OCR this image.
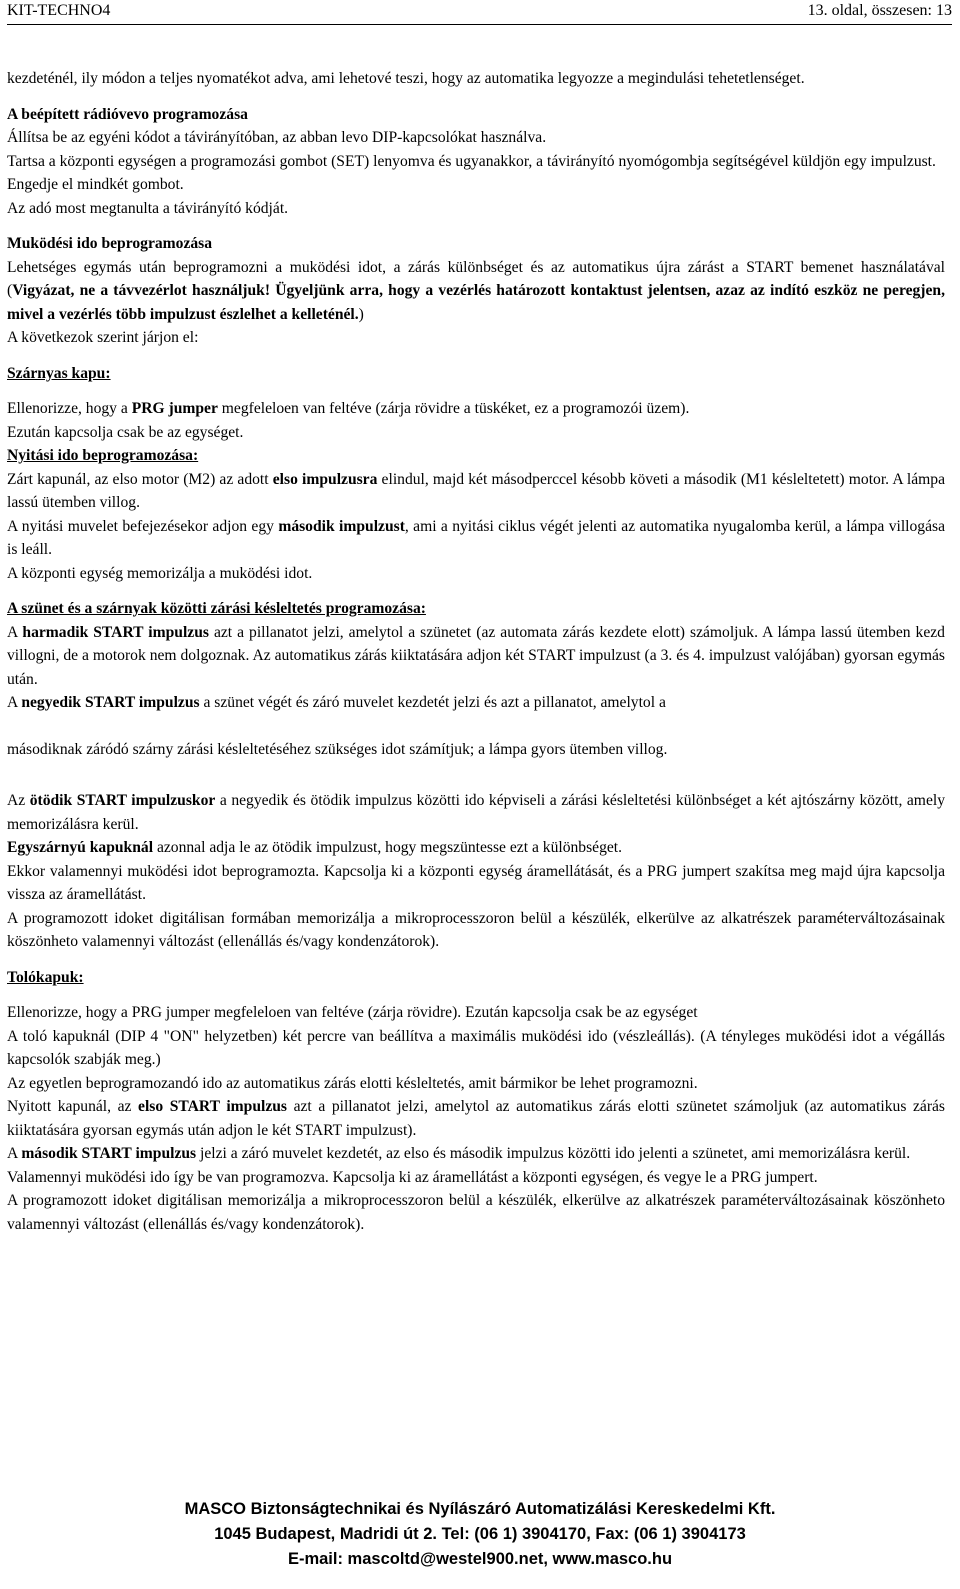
KIT-TECHNO4	13. oldal, összesen: 13

kezdeténél, ily módon a teljes nyomatékot adva, ami lehetové teszi, hogy az automatika legyozze a megindulási tehetetlenséget.

A beépített rádióvevo programozása

Állítsa be az egyéni kódot a távirányítóban, az abban levo DIP-kapcsolókat használva.

Tartsa a központi egységen a programozási gombot (SET) lenyomva és ugyanakkor, a távirányító nyomógombja segítségével küldjön egy impulzust.

Engedje el mindkét gombot.

Az adó most megtanulta a távirányító kódját.

Muködési ido beprogramozása

Lehetséges egymás után beprogramozni a muködési idot, a zárás különbséget és az automatikus újra zárást a START bemenet használatával (Vigyázat, ne a távvezérlot használjuk! Ügyeljünk arra, hogy a vezérlés határozott kontaktust jelentsen, azaz az indító eszköz ne peregjen, mivel a vezérlés több impulzust észlelhet a kelleténél.)

A következok szerint járjon el:

Szárnyas kapu:

Ellenorizze, hogy a PRG jumper megfeleloen van feltéve (zárja rövidre a tüskéket, ez a programozói üzem).

Ezután kapcsolja csak be az egységet.

Nyitási ido beprogramozása:

Zárt kapunál, az elso motor (M2) az adott elso impulzusra elindul, majd két másodperccel késobb követi a második (M1 késleltetett) motor. A lámpa lassú ütemben villog.

A nyitási muvelet befejezésekor adjon egy második impulzust, ami a nyitási ciklus végét jelenti az automatika nyugalomba kerül, a lámpa villogása is leáll.

A központi egység memorizálja a muködési idot.

A szünet és a szárnyak közötti zárási késleltetés programozása:

A harmadik START impulzus azt a pillanatot jelzi, amelytol a szünetet (az automata zárás kezdete elott) számoljuk. A lámpa lassú ütemben kezd villogni, de a motorok nem dolgoznak. Az automatikus zárás kiiktatására adjon két START impulzust (a 3. és 4. impulzust valójában) gyorsan egymás után.

A negyedik START impulzus a szünet végét és záró muvelet kezdetét jelzi és azt a pillanatot, amelytol a

másodiknak záródó szárny zárási késleltetéséhez szükséges idot számítjuk; a lámpa gyors ütemben villog.

Az ötödik START impulzuskor a negyedik és ötödik impulzus közötti ido képviseli a zárási késleltetési különbséget a két ajtószárny között, amely memorizálásra kerül.

Egyszárnyú kapuknál azonnal adja le az ötödik impulzust, hogy megszüntesse ezt a különbséget.

Ekkor valamennyi muködési idot beprogramozta. Kapcsolja ki a központi egység áramellátását, és a PRG jumpert szakítsa meg majd újra kapcsolja vissza az áramellátást.

A programozott idoket digitálisan formában memorizálja a mikroprocesszoron belül a készülék, elkerülve az alkatrészek paraméterváltozásainak köszönheto valamennyi változást (ellenállás és/vagy kondenzátorok).

Tolókapuk:

Ellenorizze, hogy a PRG jumper megfeleloen van feltéve (zárja rövidre). Ezután kapcsolja csak be az egységet

A toló kapuknál (DIP 4 "ON" helyzetben) két percre van beállítva a maximális muködési ido (vészleállás). (A tényleges muködési idot a végállás kapcsolók szabják meg.)

Az egyetlen beprogramozandó ido az automatikus zárás elotti késleltetés, amit bármikor be lehet programozni.

Nyitott kapunál, az elso START impulzus azt a pillanatot jelzi, amelytol az automatikus zárás elotti szünetet számoljuk (az automatikus zárás kiiktatására gyorsan egymás után adjon le két START impulzust).

A második START impulzus jelzi a záró muvelet kezdetét, az elso és második impulzus közötti ido jelenti a szünetet, ami memorizálásra kerül.

Valamennyi muködési ido így be van programozva. Kapcsolja ki az áramellátást a központi egységen, és vegye le a PRG jumpert.

A programozott idoket digitálisan memorizálja a mikroprocesszoron belül a készülék, elkerülve az alkatrészek paraméterváltozásainak köszönheto valamennyi változást (ellenállás és/vagy kondenzátorok).

MASCO Biztonságtechnikai és Nyílászáró Automatizálási Kereskedelmi Kft.
1045 Budapest, Madridi út 2. Tel: (06 1) 3904170, Fax: (06 1) 3904173
E-mail: mascoltd@westel900.net, www.masco.hu
